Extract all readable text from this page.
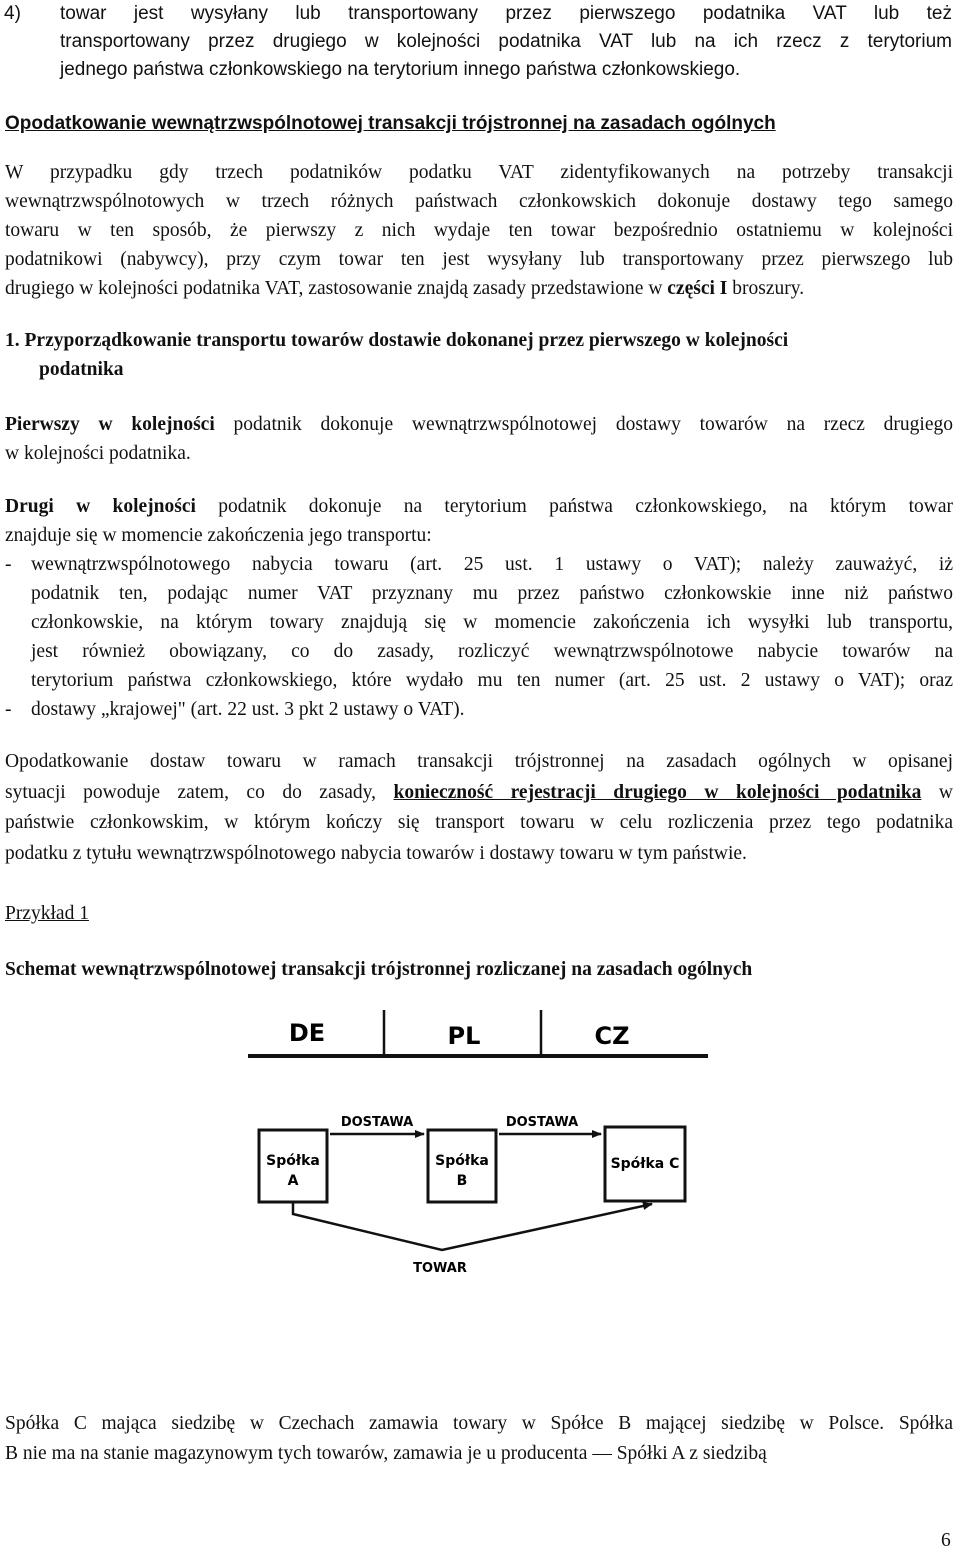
4) towar jest wysyłany lub transportowany przez pierwszego podatnika VAT lub też
transportowany przez drugiego w kolejności podatnika VAT lub na ich rzecz z terytorium
jednego państwa członkowskiego na terytorium innego państwa członkowskiego.
Opodatkowanie wewnątrzwspólnotowej transakcji trójstronnej na zasadach ogólnych
W przypadku gdy trzech podatników podatku VAT zidentyfikowanych na potrzeby transakcji
wewnątrzwspólnotowych w trzech różnych państwach członkowskich dokonuje dostawy tego samego
towaru w ten sposób, że pierwszy z nich wydaje ten towar bezpośrednio ostatniemu w kolejności
podatnikowi (nabywcy), przy czym towar ten jest wysyłany lub transportowany przez pierwszego lub
drugiego w kolejności podatnika VAT, zastosowanie znajdą zasady przedstawione w części I broszury.
1. Przyporządkowanie transportu towarów dostawie dokonanej przez pierwszego w kolejności
podatnika
Pierwszy w kolejności podatnik dokonuje wewnątrzwspólnotowej dostawy towarów na rzecz drugiego
w kolejności podatnika.
Drugi w kolejności podatnik dokonuje na terytorium państwa członkowskiego, na którym towar
znajduje się w momencie zakończenia jego transportu:
- wewnątrzwspólnotowego nabycia towaru (art. 25 ust. 1 ustawy o VAT); należy zauważyć, iż
podatnik ten, podając numer VAT przyznany mu przez państwo członkowskie inne niż państwo
członkowskie, na którym towary znajdują się w momencie zakończenia ich wysyłki lub transportu,
jest również obowiązany, co do zasady, rozliczyć wewnątrzwspólnotowe nabycie towarów na
terytorium państwa członkowskiego, które wydało mu ten numer (art. 25 ust. 2 ustawy o VAT); oraz
- dostawy „krajowej" (art. 22 ust. 3 pkt 2 ustawy o VAT).
Opodatkowanie dostaw towaru w ramach transakcji trójstronnej na zasadach ogólnych w opisanej
sytuacji powoduje zatem, co do zasady, konieczność rejestracji drugiego w kolejności podatnika w
państwie członkowskim, w którym kończy się transport towaru w celu rozliczenia przez tego podatnika
podatku z tytułu wewnątrzwspólnotowego nabycia towarów i dostawy towaru w tym państwie.
Przykład 1
Schemat wewnątrzwspólnotowej transakcji trójstronnej rozliczanej na zasadach ogólnych
DE	PL	CZ
Spółka
A
Spółka
B
Spółka C
DOSTAWA	DOSTAWA
TOWAR
Spółka C mająca siedzibę w Czechach zamawia towary w Spółce B mającej siedzibę w Polsce. Spółka
B nie ma na stanie magazynowym tych towarów, zamawia je u producenta — Spółki A z siedzibą
6
